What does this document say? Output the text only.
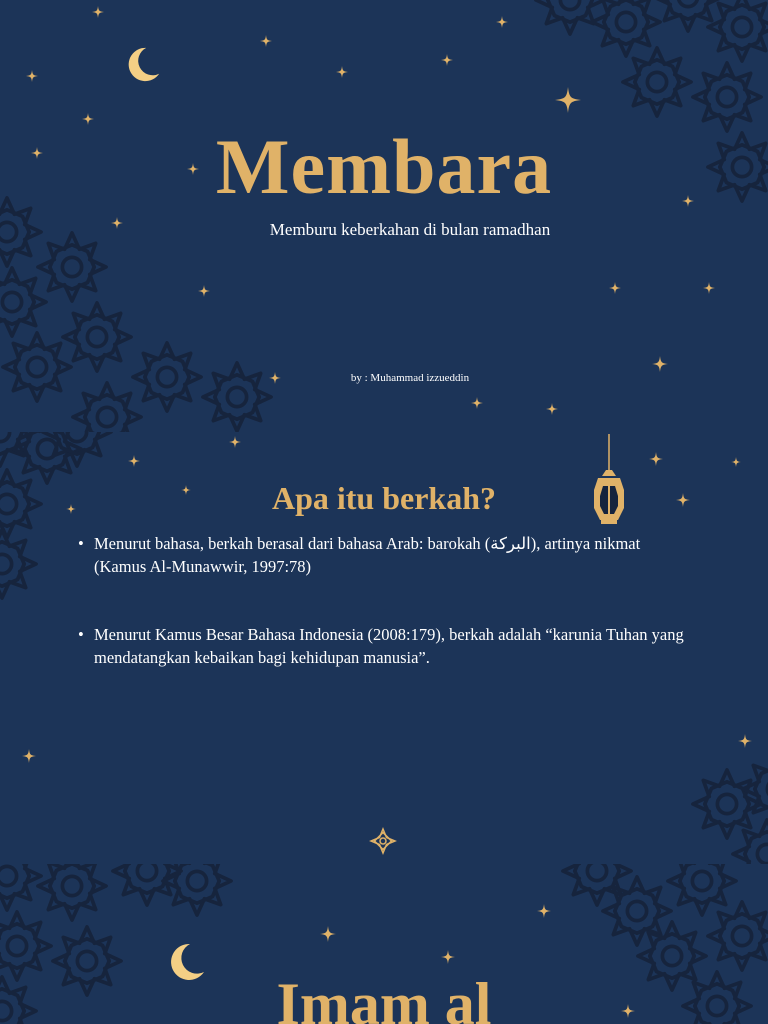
Membara

Memburu keberkahan di bulan ramadhan

by : Muhammad izzueddin

Apa itu berkah?
• Menurut bahasa, berkah berasal dari bahasa Arab: barokah (البركة), artinya nikmat (Kamus Al-Munawwir, 1997:78)
• Menurut Kamus Besar Bahasa Indonesia (2008:179), berkah adalah “karunia Tuhan yang mendatangkan kebaikan bagi kehidupan manusia”.
Imam al
